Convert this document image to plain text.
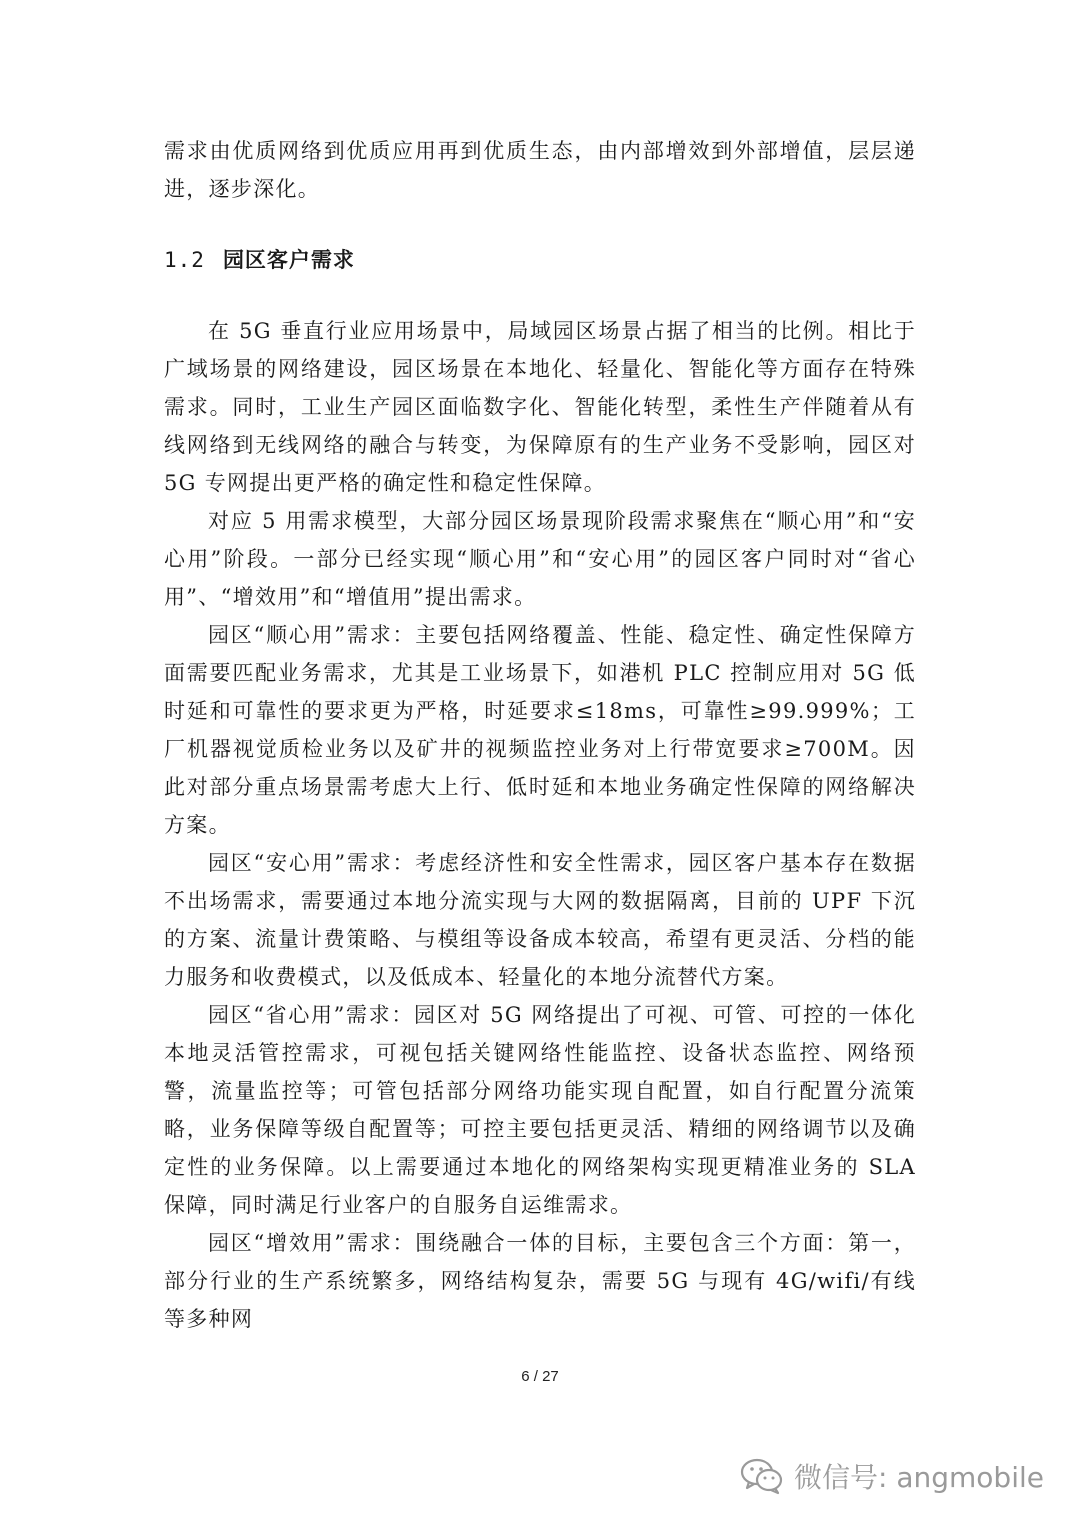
需求由优质网络到优质应用再到优质生态，由内部增效到外部增值，层层递进，逐步深化。

1.2 园区客户需求

在 5G 垂直行业应用场景中，局域园区场景占据了相当的比例。相比于广域场景的网络建设，园区场景在本地化、轻量化、智能化等方面存在特殊需求。同时，工业生产园区面临数字化、智能化转型，柔性生产伴随着从有线网络到无线网络的融合与转变，为保障原有的生产业务不受影响，园区对 5G 专网提出更严格的确定性和稳定性保障。

对应 5 用需求模型，大部分园区场景现阶段需求聚焦在“顺心用”和“安心用”阶段。一部分已经实现“顺心用”和“安心用”的园区客户同时对“省心用”、“增效用”和“增值用”提出需求。

园区“顺心用”需求：主要包括网络覆盖、性能、稳定性、确定性保障方面需要匹配业务需求，尤其是工业场景下，如港机 PLC 控制应用对 5G 低时延和可靠性的要求更为严格，时延要求≤18ms，可靠性≥99.999%；工厂机器视觉质检业务以及矿井的视频监控业务对上行带宽要求≥700M。因此对部分重点场景需考虑大上行、低时延和本地业务确定性保障的网络解决方案。

园区“安心用”需求：考虑经济性和安全性需求，园区客户基本存在数据不出场需求，需要通过本地分流实现与大网的数据隔离，目前的 UPF 下沉的方案、流量计费策略、与模组等设备成本较高，希望有更灵活、分档的能力服务和收费模式，以及低成本、轻量化的本地分流替代方案。

园区“省心用”需求：园区对 5G 网络提出了可视、可管、可控的一体化本地灵活管控需求，可视包括关键网络性能监控、设备状态监控、网络预警，流量监控等；可管包括部分网络功能实现自配置，如自行配置分流策略，业务保障等级自配置等；可控主要包括更灵活、精细的网络调节以及确定性的业务保障。以上需要通过本地化的网络架构实现更精准业务的 SLA 保障，同时满足行业客户的自服务自运维需求。

园区“增效用”需求：围绕融合一体的目标，主要包含三个方面：第一，部分行业的生产系统繁多，网络结构复杂，需要 5G 与现有 4G/wifi/有线等多种网

6 / 27
微信号: angmobile
